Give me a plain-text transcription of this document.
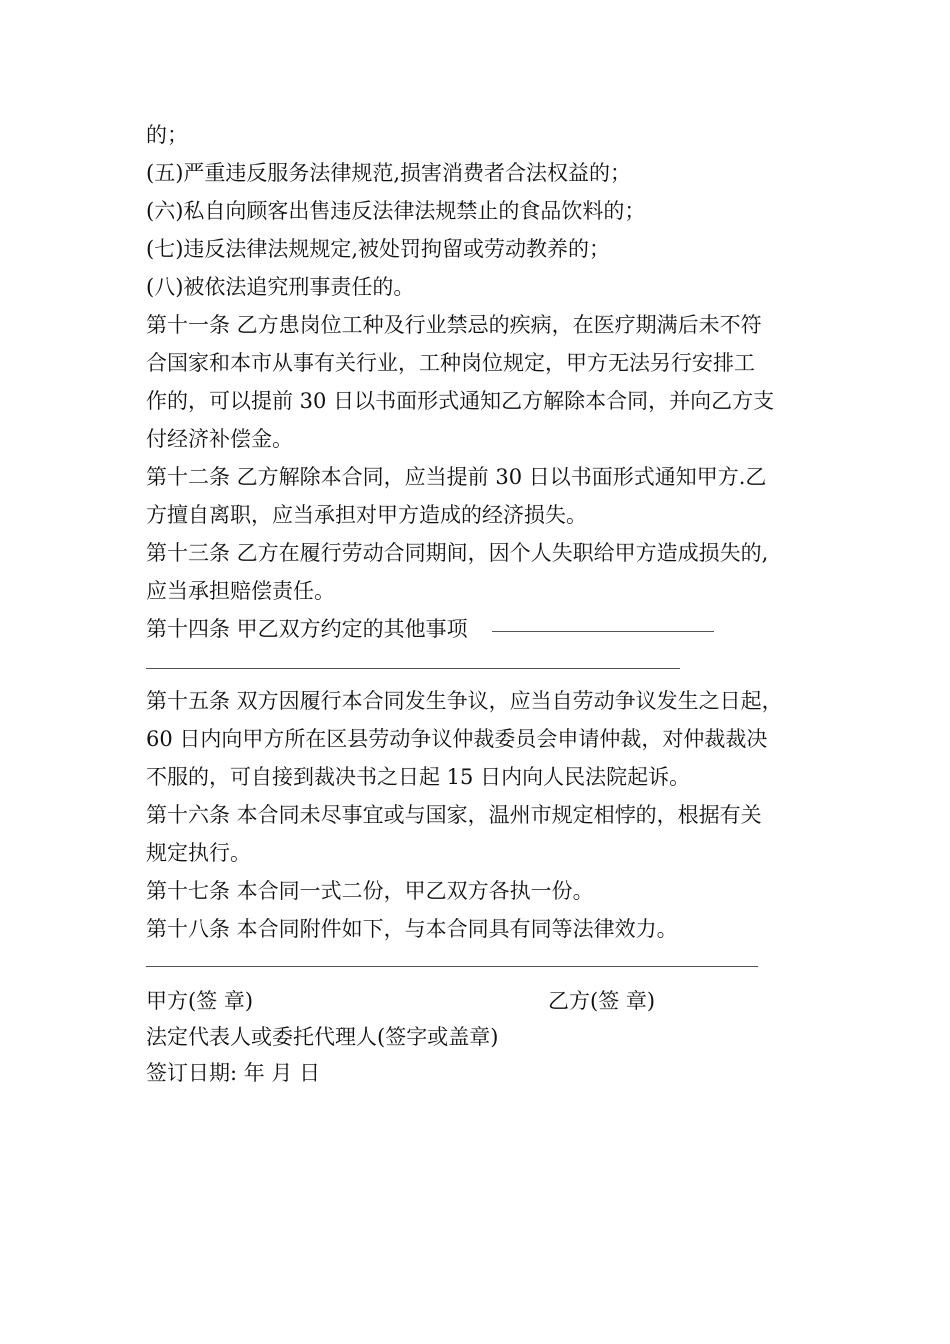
的；
(五)严重违反服务法律规范,损害消费者合法权益的；
(六)私自向顾客出售违反法律法规禁止的食品饮料的；
(七)违反法律法规规定,被处罚拘留或劳动教养的；
(八)被依法追究刑事责任的。
第十一条 乙方患岗位工种及行业禁忌的疾病，在医疗期满后未不符
合国家和本市从事有关行业，工种岗位规定，甲方无法另行安排工
作的，可以提前 30 日以书面形式通知乙方解除本合同，并向乙方支
付经济补偿金。
第十二条 乙方解除本合同，应当提前 30 日以书面形式通知甲方.乙
方擅自离职，应当承担对甲方造成的经济损失。
第十三条 乙方在履行劳动合同期间，因个人失职给甲方造成损失的,
应当承担赔偿责任。
第十四条 甲乙双方约定的其他事项
第十五条 双方因履行本合同发生争议，应当自劳动争议发生之日起，
60 日内向甲方所在区县劳动争议仲裁委员会申请仲裁，对仲裁裁决
不服的，可自接到裁决书之日起 15 日内向人民法院起诉。
第十六条 本合同未尽事宜或与国家，温州市规定相悖的，根据有关
规定执行。
第十七条 本合同一式二份，甲乙双方各执一份。
第十八条 本合同附件如下，与本合同具有同等法律效力。
甲方(签 章)	乙方(签 章)
法定代表人或委托代理人(签字或盖章)
签订日期: 年 月 日
